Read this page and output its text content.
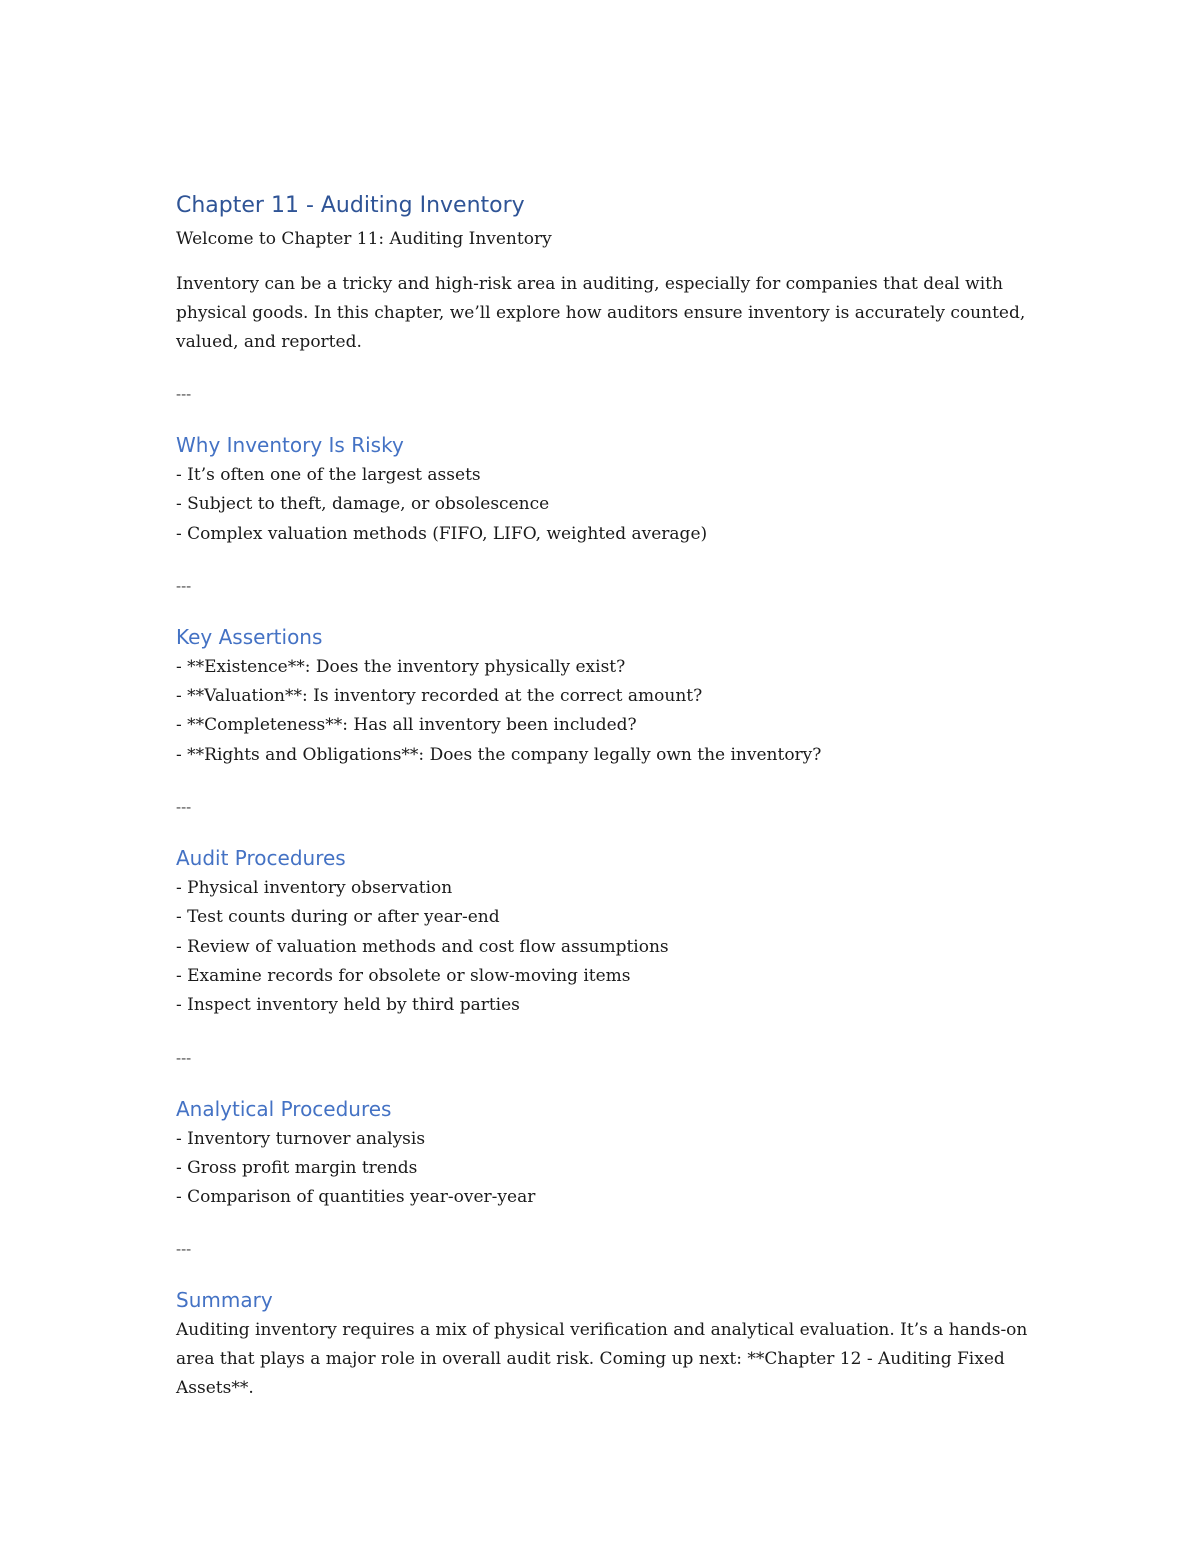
Chapter 11 - Auditing Inventory

Welcome to Chapter 11: Auditing Inventory

Inventory can be a tricky and high-risk area in auditing, especially for companies that deal with physical goods. In this chapter, we’ll explore how auditors ensure inventory is accurately counted, valued, and reported.

---

Why Inventory Is Risky
- It’s often one of the largest assets
- Subject to theft, damage, or obsolescence
- Complex valuation methods (FIFO, LIFO, weighted average)

---

Key Assertions
- **Existence**: Does the inventory physically exist?
- **Valuation**: Is inventory recorded at the correct amount?
- **Completeness**: Has all inventory been included?
- **Rights and Obligations**: Does the company legally own the inventory?

---

Audit Procedures
- Physical inventory observation
- Test counts during or after year-end
- Review of valuation methods and cost flow assumptions
- Examine records for obsolete or slow-moving items
- Inspect inventory held by third parties

---

Analytical Procedures
- Inventory turnover analysis
- Gross profit margin trends
- Comparison of quantities year-over-year

---

Summary

Auditing inventory requires a mix of physical verification and analytical evaluation. It’s a hands-on area that plays a major role in overall audit risk. Coming up next: **Chapter 12 - Auditing Fixed Assets**.
